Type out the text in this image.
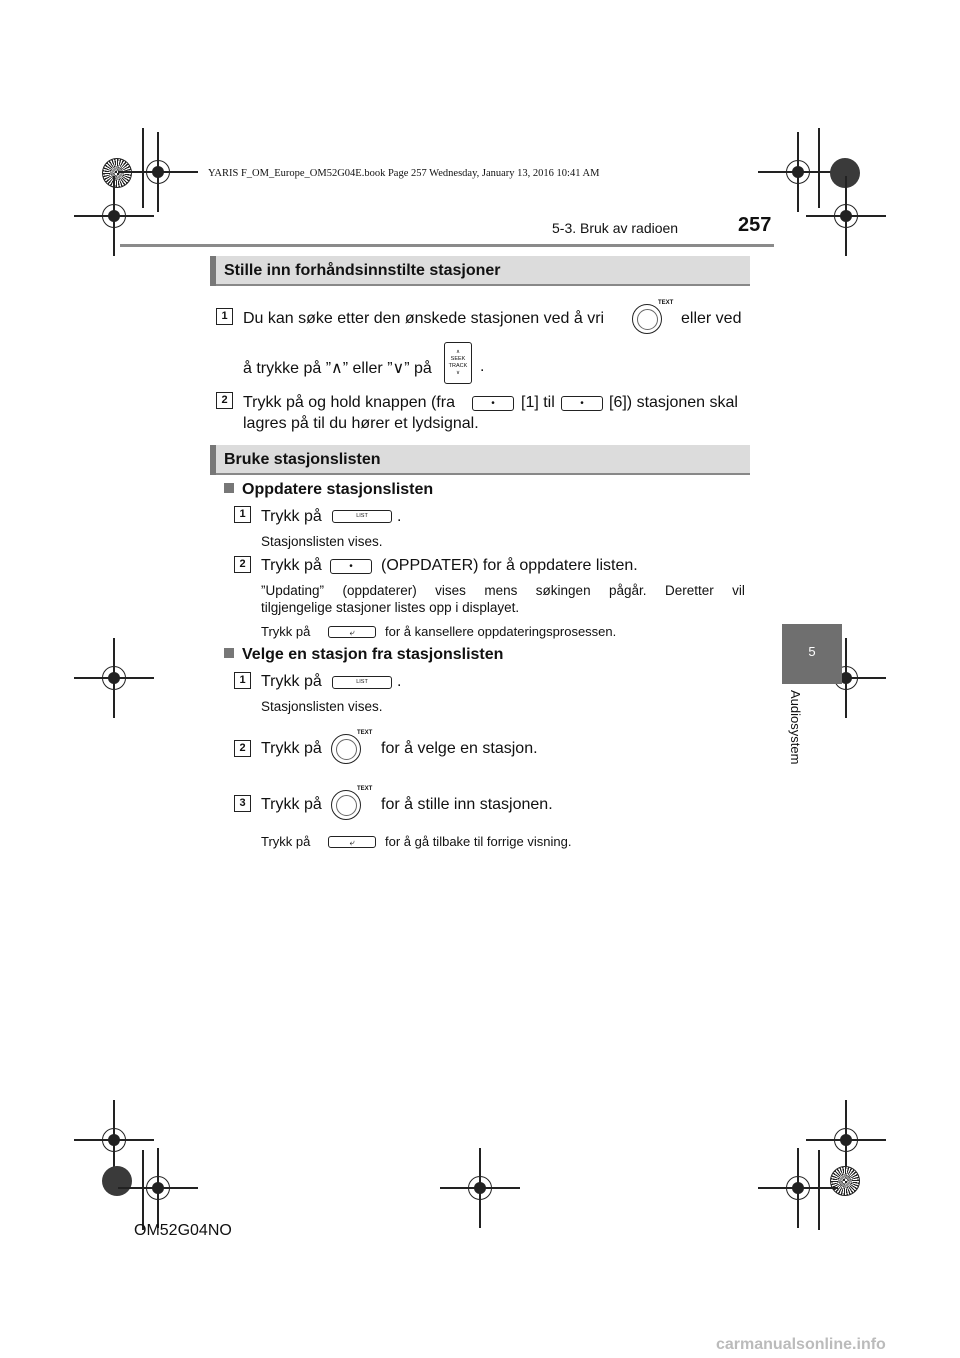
YARIS F_OM_Europe_OM52G04E.book Page 257 Wednesday, January 13, 2016 10:41 AM
5-3. Bruk av radioen	257
5
Audiosystem
Stille inn forhåndsinnstilte stasjoner
1 Du kan søke etter den ønskede stasjonen ved å vri
TEXT
eller ved
å trykke på ”∧” eller ”∨” på
∧
SEEK
TRACK
∨	.
2 Trykk på og hold knappen (fra	•	[1] til	•	[6]) stasjonen skal
lagres på til du hører et lydsignal.
Bruke stasjonslisten
Oppdatere stasjonslisten
1 Trykk på	LIST	.
Stasjonslisten vises.
2 Trykk på	•	(OPPDATER) for å oppdatere listen.
”Updating” (oppdaterer) vises mens søkingen pågår. Deretter vil
tilgjengelige stasjoner listes opp i displayet.
Trykk på	⤶	for å kansellere oppdateringsprosessen.
Velge en stasjon fra stasjonslisten
1 Trykk på	LIST	.
Stasjonslisten vises.
2 Trykk på
TEXT
for å velge en stasjon.
3 Trykk på
TEXT
for å stille inn stasjonen.
Trykk på	⤶	for å gå tilbake til forrige visning.
OM52G04NO
carmanualsonline.info
